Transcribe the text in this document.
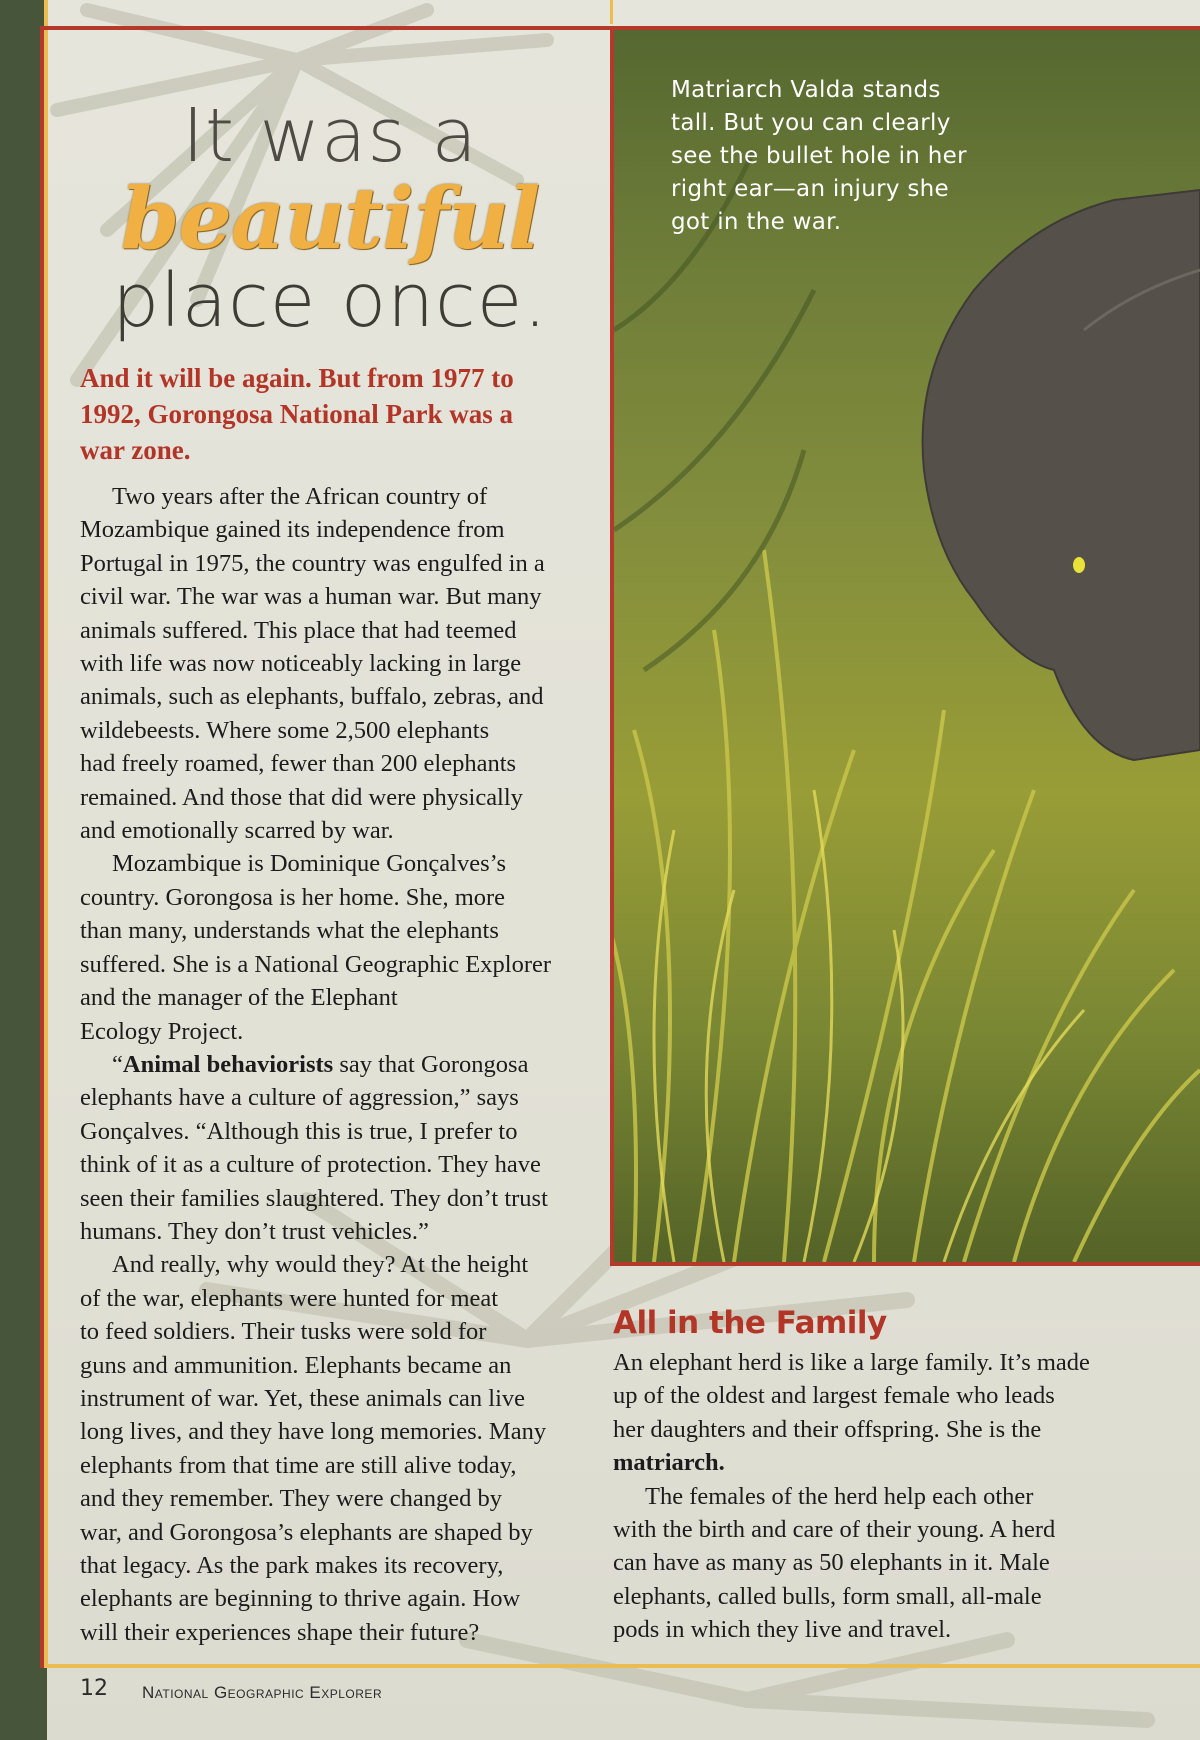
Matriarch Valda stands
tall. But you can clearly
see the bullet hole in her
right ear—an injury she
got in the war.
It was a
beautiful
place once.
And it will be again. But from 1977 to
1992, Gorongosa National Park was a
war zone.
Two years after the African country of
Mozambique gained its independence from
Portugal in 1975, the country was engulfed in a
civil war. The war was a human war. But many
animals suffered. This place that had teemed
with life was now noticeably lacking in large
animals, such as elephants, buffalo, zebras, and
wildebeests. Where some 2,500 elephants
had freely roamed, fewer than 200 elephants
remained. And those that did were physically
and emotionally scarred by war.
Mozambique is Dominique Gonçalves’s
country. Gorongosa is her home. She, more
than many, understands what the elephants
suffered. She is a National Geographic Explorer
and the manager of the Elephant
Ecology Project.
“Animal behaviorists say that Gorongosa
elephants have a culture of aggression,” says
Gonçalves. “Although this is true, I prefer to
think of it as a culture of protection. They have
seen their families slaughtered. They don’t trust
humans. They don’t trust vehicles.”
And really, why would they? At the height
of the war, elephants were hunted for meat
to feed soldiers. Their tusks were sold for
guns and ammunition. Elephants became an
instrument of war. Yet, these animals can live
long lives, and they have long memories. Many
elephants from that time are still alive today,
and they remember. They were changed by
war, and Gorongosa’s elephants are shaped by
that legacy. As the park makes its recovery,
elephants are beginning to thrive again. How
will their experiences shape their future?
All in the Family
An elephant herd is like a large family. It’s made
up of the oldest and largest female who leads
her daughters and their offspring. She is the
matriarch.
The females of the herd help each other
with the birth and care of their young. A herd
can have as many as 50 elephants in it. Male
elephants, called bulls, form small, all-male
pods in which they live and travel.
12 National Geographic Explorer
